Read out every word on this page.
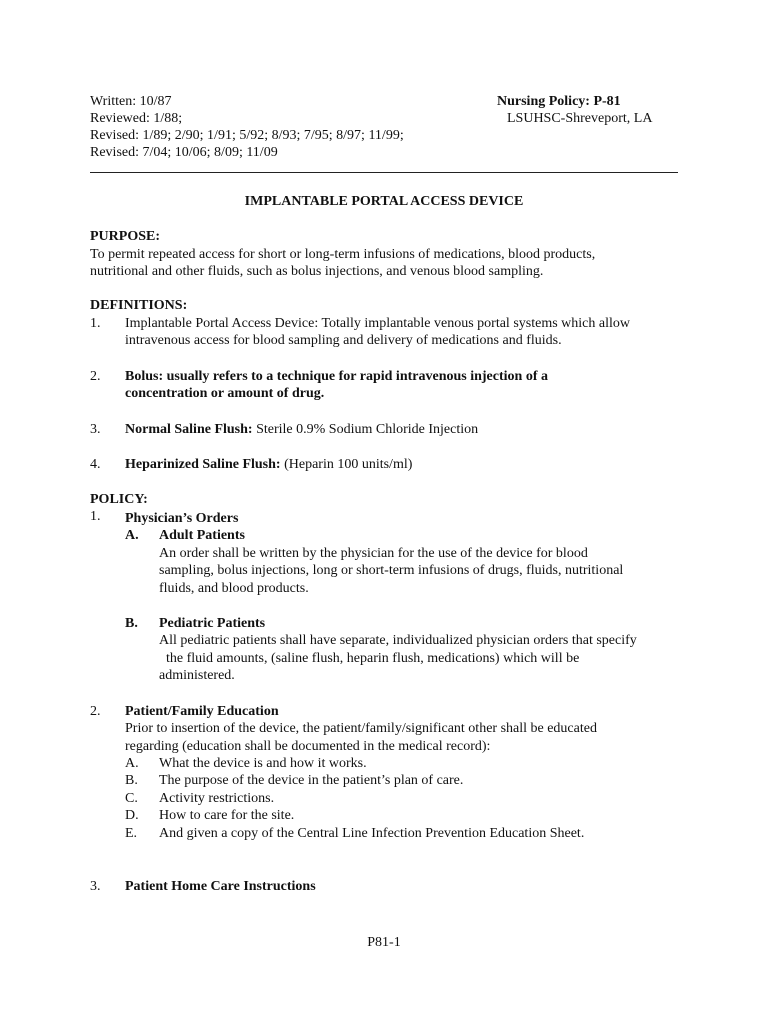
Written: 10/87
Reviewed: 1/88;
Revised: 1/89; 2/90; 1/91; 5/92; 8/93; 7/95; 8/97; 11/99;
Revised: 7/04; 10/06; 8/09; 11/09
Nursing Policy: P-81
LSUHSC-Shreveport, LA
IMPLANTABLE PORTAL ACCESS DEVICE
PURPOSE:
To permit repeated access for short or long-term infusions of medications, blood products,
nutritional and other fluids, such as bolus injections, and venous blood sampling.
DEFINITIONS:
1. Implantable Portal Access Device: Totally implantable venous portal systems which allow
intravenous access for blood sampling and delivery of medications and fluids.
2. Bolus: usually refers to a technique for rapid intravenous injection of a
concentration or amount of drug.
3. Normal Saline Flush: Sterile 0.9% Sodium Chloride Injection
4. Heparinized Saline Flush: (Heparin 100 units/ml)
POLICY:
1. Physician’s Orders
A. Adult Patients
An order shall be written by the physician for the use of the device for blood
sampling, bolus injections, long or short-term infusions of drugs, fluids, nutritional
fluids, and blood products.
B. Pediatric Patients
All pediatric patients shall have separate, individualized physician orders that specify
the fluid amounts, (saline flush, heparin flush, medications) which will be
administered.
2. Patient/Family Education
Prior to insertion of the device, the patient/family/significant other shall be educated
regarding (education shall be documented in the medical record):
A. What the device is and how it works.
B. The purpose of the device in the patient’s plan of care.
C. Activity restrictions.
D. How to care for the site.
E. And given a copy of the Central Line Infection Prevention Education Sheet.
3. Patient Home Care Instructions
P81-1
